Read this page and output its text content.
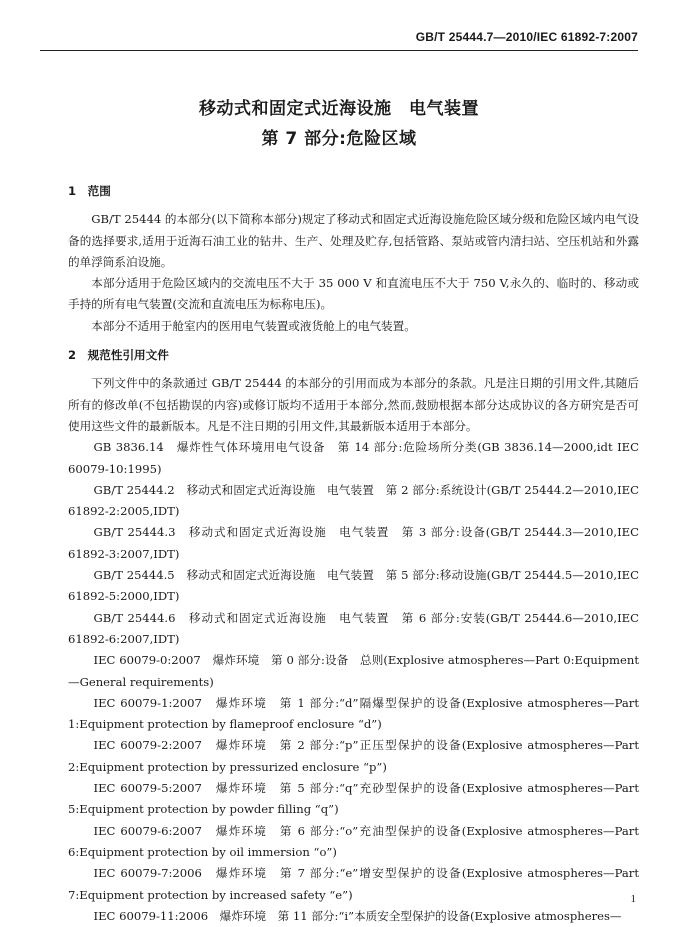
GB/T 25444.7—2010/IEC 61892-7:2007
移动式和固定式近海设施　电气装置
第 7 部分:危险区域
1　范围

GB/T 25444 的本部分(以下简称本部分)规定了移动式和固定式近海设施危险区域分级和危险区域内电气设备的选择要求,适用于近海石油工业的钻井、生产、处理及贮存,包括管路、泵站或管内清扫站、空压机站和外露的单浮筒系泊设施。

本部分适用于危险区域内的交流电压不大于 35 000 V 和直流电压不大于 750 V,永久的、临时的、移动或手持的所有电气装置(交流和直流电压为标称电压)。

本部分不适用于舱室内的医用电气装置或液货舱上的电气装置。

2　规范性引用文件

下列文件中的条款通过 GB/T 25444 的本部分的引用而成为本部分的条款。凡是注日期的引用文件,其随后所有的修改单(不包括勘误的内容)或修订版均不适用于本部分,然而,鼓励根据本部分达成协议的各方研究是否可使用这些文件的最新版本。凡是不注日期的引用文件,其最新版本适用于本部分。

GB 3836.14　爆炸性气体环境用电气设备　第 14 部分:危险场所分类(GB 3836.14—2000,idt IEC 60079-10:1995)

GB/T 25444.2　移动式和固定式近海设施　电气装置　第 2 部分:系统设计(GB/T 25444.2—2010,IEC 61892-2:2005,IDT)

GB/T 25444.3　移动式和固定式近海设施　电气装置　第 3 部分:设备(GB/T 25444.3—2010,IEC 61892-3:2007,IDT)

GB/T 25444.5　移动式和固定式近海设施　电气装置　第 5 部分:移动设施(GB/T 25444.5—2010,IEC 61892-5:2000,IDT)

GB/T 25444.6　移动式和固定式近海设施　电气装置　第 6 部分:安装(GB/T 25444.6—2010,IEC 61892-6:2007,IDT)

IEC 60079-0:2007　爆炸环境　第 0 部分:设备　总则(Explosive atmospheres—Part 0:Equipment—General requirements)

IEC 60079-1:2007　爆炸环境　第 1 部分:“d”隔爆型保护的设备(Explosive atmospheres—Part 1:Equipment protection by flameproof enclosure “d”)

IEC 60079-2:2007　爆炸环境　第 2 部分:“p”正压型保护的设备(Explosive atmospheres—Part 2:Equipment protection by pressurized enclosure “p”)

IEC 60079-5:2007　爆炸环境　第 5 部分:“q”充砂型保护的设备(Explosive atmospheres—Part 5:Equipment protection by powder filling “q”)

IEC 60079-6:2007　爆炸环境　第 6 部分:“o”充油型保护的设备(Explosive atmospheres—Part 6:Equipment protection by oil immersion “o”)

IEC 60079-7:2006　爆炸环境　第 7 部分:“e”增安型保护的设备(Explosive atmospheres—Part 7:Equipment protection by increased safety “e”)

IEC 60079-11:2006　爆炸环境　第 11 部分:“i”本质安全型保护的设备(Explosive atmospheres—

1
